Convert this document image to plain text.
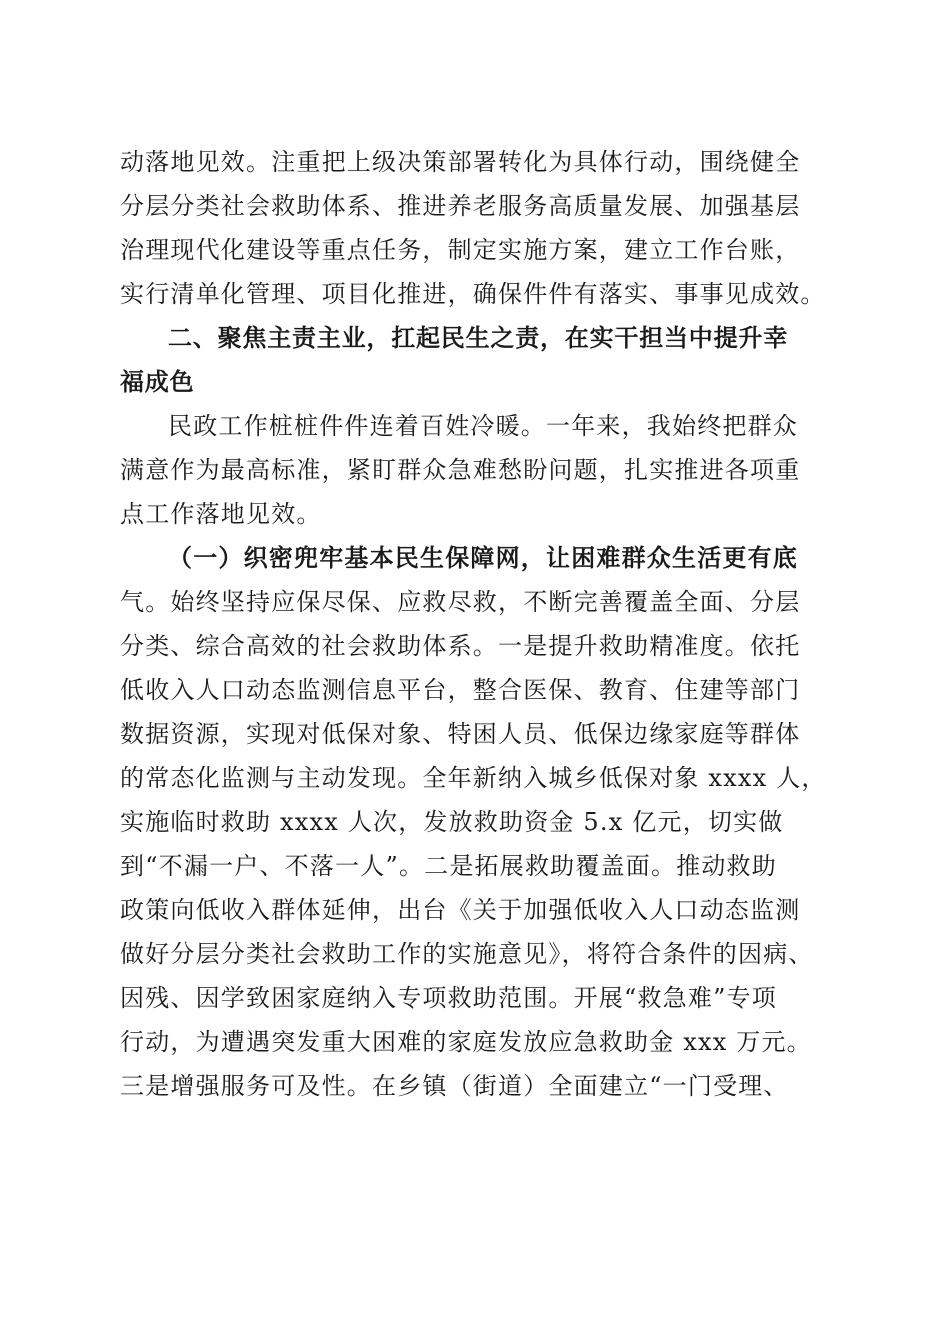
动落地见效。注重把上级决策部署转化为具体行动，围绕健全
分层分类社会救助体系、推进养老服务高质量发展、加强基层
治理现代化建设等重点任务，制定实施方案，建立工作台账，
实行清单化管理、项目化推进，确保件件有落实、事事见成效。
二、聚焦主责主业，扛起民生之责，在实干担当中提升幸
福成色
民政工作桩桩件件连着百姓冷暖。一年来，我始终把群众
满意作为最高标准，紧盯群众急难愁盼问题，扎实推进各项重
点工作落地见效。
（一）织密兜牢基本民生保障网，让困难群众生活更有底
气。始终坚持应保尽保、应救尽救，不断完善覆盖全面、分层
分类、综合高效的社会救助体系。一是提升救助精准度。依托
低收入人口动态监测信息平台，整合医保、教育、住建等部门
数据资源，实现对低保对象、特困人员、低保边缘家庭等群体
的常态化监测与主动发现。全年新纳入城乡低保对象 xxxx 人，
实施临时救助 xxxx 人次，发放救助资金 5.x 亿元，切实做
到“不漏一户、不落一人”。二是拓展救助覆盖面。推动救助
政策向低收入群体延伸，出台《关于加强低收入人口动态监测
做好分层分类社会救助工作的实施意见》，将符合条件的因病、
因残、因学致困家庭纳入专项救助范围。开展“救急难”专项
行动，为遭遇突发重大困难的家庭发放应急救助金 xxx 万元。
三是增强服务可及性。在乡镇（街道）全面建立“一门受理、
